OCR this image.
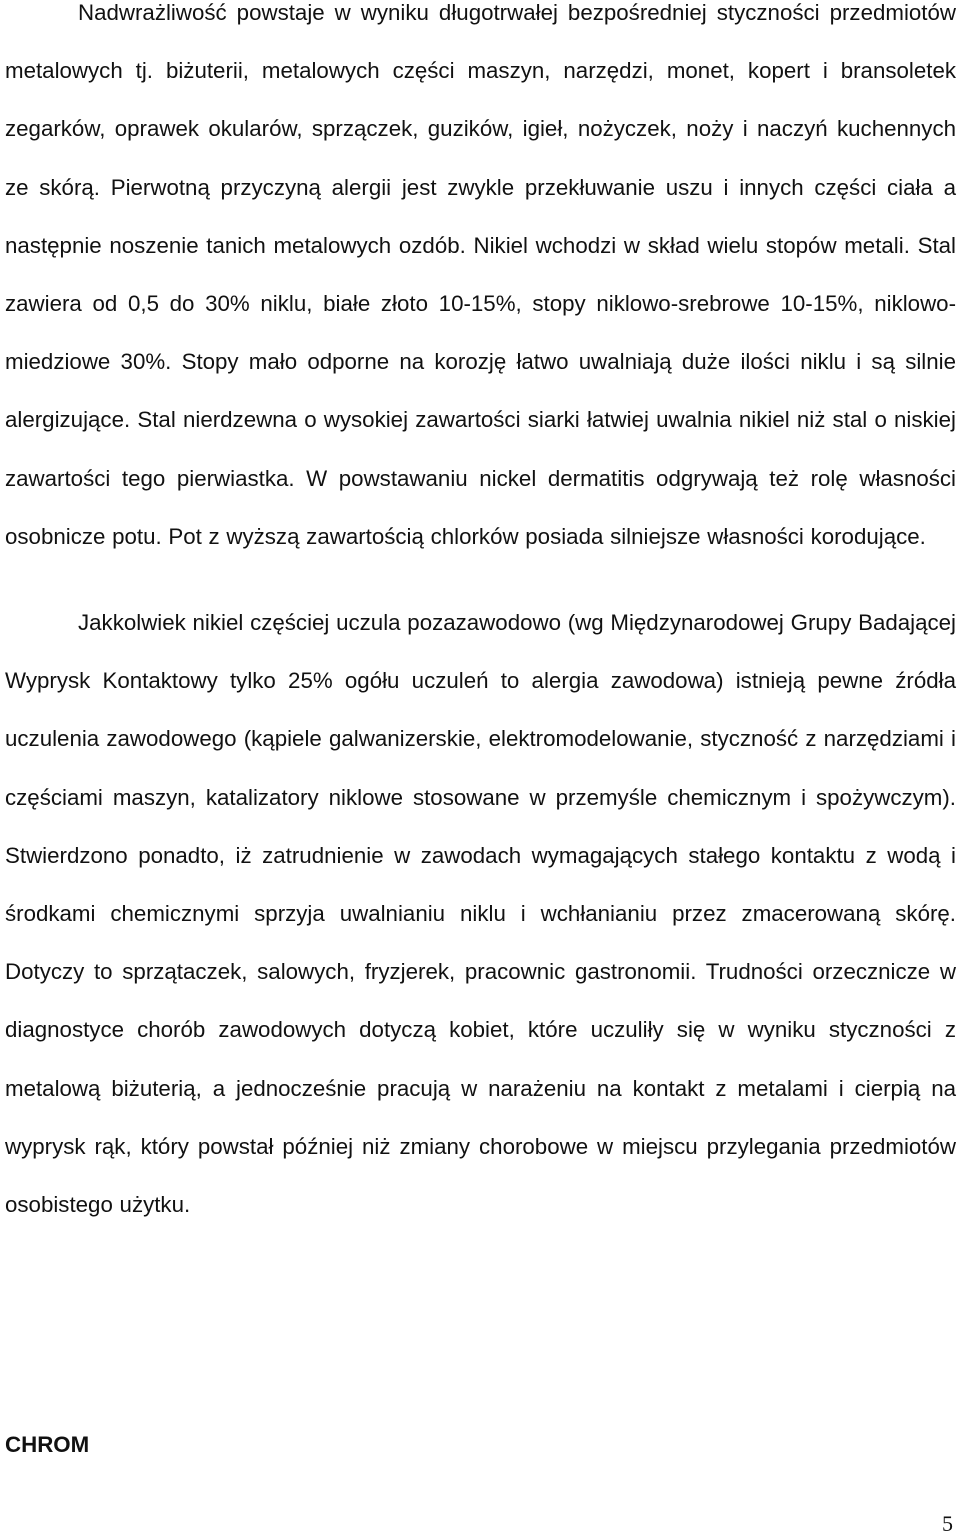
Nadwrażliwość powstaje w wyniku długotrwałej bezpośredniej styczności przedmiotów metalowych tj. biżuterii, metalowych części maszyn, narzędzi, monet, kopert i bransoletek zegarków, oprawek okularów, sprzączek, guzików, igieł, nożyczek, noży i naczyń kuchennych ze skórą. Pierwotną przyczyną alergii jest zwykle przekłuwanie uszu i innych części ciała a następnie noszenie tanich metalowych ozdób. Nikiel wchodzi w skład wielu stopów metali. Stal zawiera od 0,5 do 30% niklu, białe złoto 10-15%, stopy niklowo-srebrowe 10-15%, niklowo-miedziowe 30%. Stopy mało odporne na korozję łatwo uwalniają duże ilości niklu i są silnie alergizujące. Stal nierdzewna o wysokiej zawartości siarki łatwiej uwalnia nikiel niż stal o niskiej zawartości tego pierwiastka. W powstawaniu nickel dermatitis odgrywają też rolę własności osobnicze potu. Pot z wyższą zawartością chlorków posiada silniejsze własności korodujące.

Jakkolwiek nikiel częściej uczula pozazawodowo (wg Międzynarodowej Grupy Badającej Wyprysk Kontaktowy tylko 25% ogółu uczuleń to alergia zawodowa) istnieją pewne źródła uczulenia zawodowego (kąpiele galwanizerskie, elektromodelowanie, styczność z narzędziami i częściami maszyn, katalizatory niklowe stosowane w przemyśle chemicznym i spożywczym). Stwierdzono ponadto, iż zatrudnienie w zawodach wymagających stałego kontaktu z wodą i środkami chemicznymi sprzyja uwalnianiu niklu i wchłanianiu przez zmacerowaną skórę. Dotyczy to sprzątaczek, salowych, fryzjerek, pracownic gastronomii. Trudności orzecznicze w diagnostyce chorób zawodowych dotyczą kobiet, które uczuliły się w wyniku styczności z metalową biżuterią, a jednocześnie pracują w narażeniu na kontakt z metalami i cierpią na wyprysk rąk, który powstał później niż zmiany chorobowe w miejscu przylegania przedmiotów osobistego użytku.

CHROM
5
